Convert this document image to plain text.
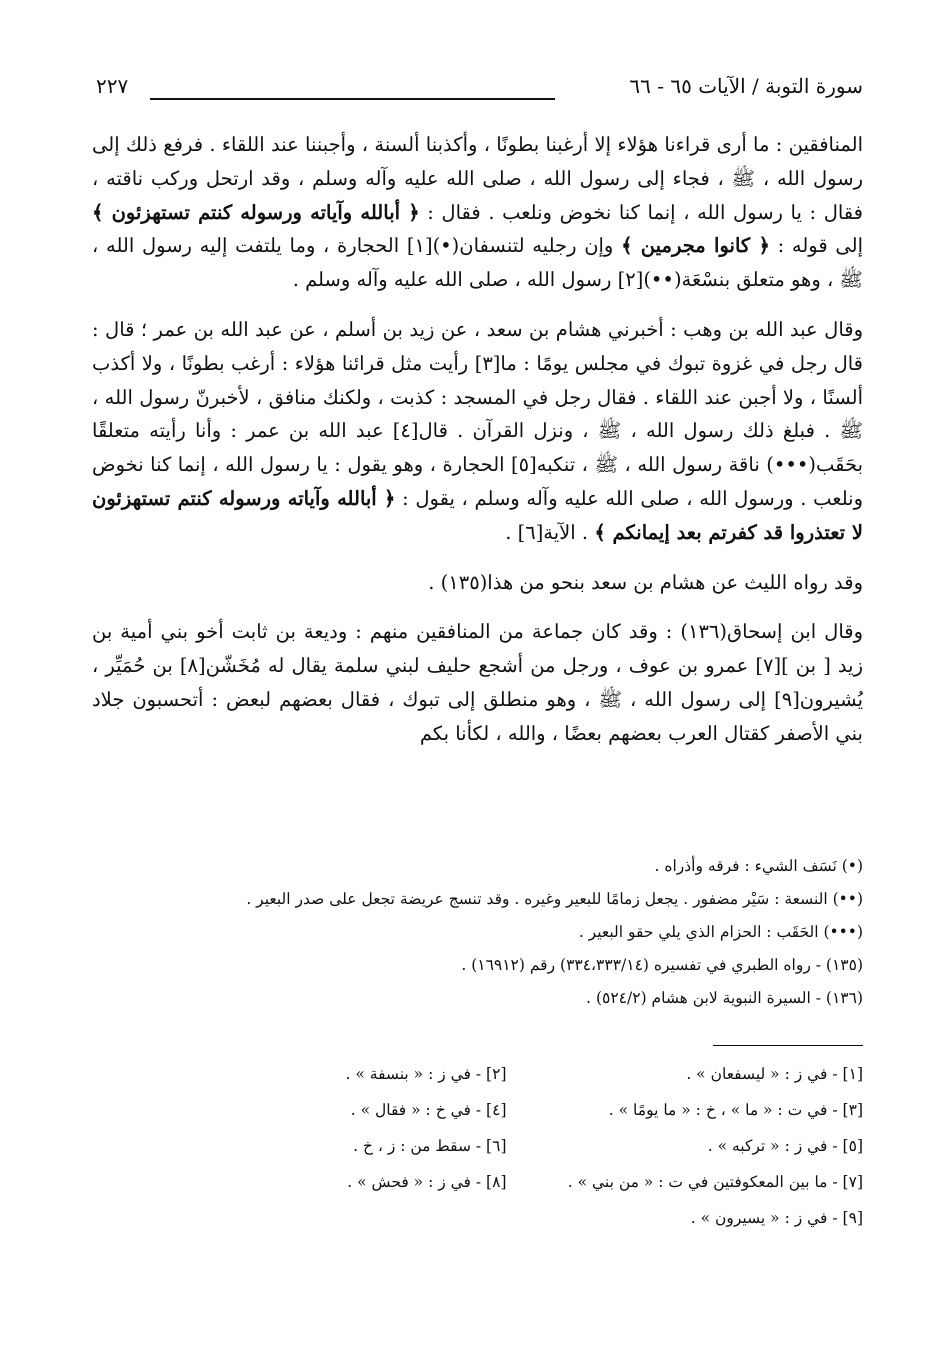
سورة التوبة / الآيات ٦٥ - ٦٦
٢٢٧

المنافقين : ما أرى قراءنا هؤلاء إلا أرغبنا بطونًا ، وأكذبنا ألسنة ، وأجبننا عند اللقاء . فرفع ذلك إلى رسول الله ، ﷺ ، فجاء إلى رسول الله ، صلى الله عليه وآله وسلم ، وقد ارتحل وركب ناقته ، فقال : يا رسول الله ، إنما كنا نخوض ونلعب . فقال : ﴿ أبالله وآياته ورسوله كنتم تستهزئون ﴾ إلى قوله : ﴿ كانوا مجرمين ﴾ وإن رجليه لتنسفان(•)[١] الحجارة ، وما يلتفت إليه رسول الله ، ﷺ ، وهو متعلق بنسْعَة(••)[٢] رسول الله ، صلى الله عليه وآله وسلم .

وقال عبد الله بن وهب : أخبرني هشام بن سعد ، عن زيد بن أسلم ، عن عبد الله بن عمر ؛ قال : قال رجل في غزوة تبوك في مجلس يومًا : ما[٣] رأيت مثل قرائنا هؤلاء : أرغب بطونًا ، ولا أكذب ألسنًا ، ولا أجبن عند اللقاء . فقال رجل في المسجد : كذبت ، ولكنك منافق ، لأخبرنّ رسول الله ، ﷺ . فبلغ ذلك رسول الله ، ﷺ ، ونزل القرآن . قال[٤] عبد الله بن عمر : وأنا رأيته متعلقًا بحَقَب(•••) ناقة رسول الله ، ﷺ ، تنكبه[٥] الحجارة ، وهو يقول : يا رسول الله ، إنما كنا نخوض ونلعب . ورسول الله ، صلى الله عليه وآله وسلم ، يقول : ﴿ أبالله وآياته ورسوله كنتم تستهزئون لا تعتذروا قد كفرتم بعد إيمانكم ﴾ . الآية[٦] .

وقد رواه الليث عن هشام بن سعد بنحو من هذا(١٣٥) .

وقال ابن إسحاق(١٣٦) : وقد كان جماعة من المنافقين منهم : وديعة بن ثابت أخو بني أمية بن زيد [ بن ][٧] عمرو بن عوف ، ورجل من أشجع حليف لبني سلمة يقال له مُخَشّن[٨] بن حُمَيِّر ، يُشيرون[٩] إلى رسول الله ، ﷺ ، وهو منطلق إلى تبوك ، فقال بعضهم لبعض : أتحسبون جلاد بني الأصفر كقتال العرب بعضهم بعضًا ، والله ، لكأنا بكم

(•) نَسَف الشيء : فرقه وأذراه .
(••) النسعة : سَيْر مضفور . يجعل زمامًا للبعير وغيره . وقد تنسج عريضة تجعل على صدر البعير .
(•••) الحَقَب : الحزام الذي يلي حقو البعير .
(١٣٥) - رواه الطبري في تفسيره (٣٣٤،٣٣٣/١٤) رقم (١٦٩١٢) .
(١٣٦) - السيرة النبوية لابن هشام (٥٢٤/٢) .
[١] - في ز : « ليسفعان » .
[٢] - في ز : « بنسفة » .
[٣] - في ت : « ما » ، خ : « ما يومًا » .
[٤] - في خ : « فقال » .
[٥] - في ز : « تركبه » .
[٦] - سقط من : ز ، خ .
[٧] - ما بين المعكوفتين في ت : « من بني » .
[٨] - في ز : « فحش » .
[٩] - في ز : « يسيرون » .
